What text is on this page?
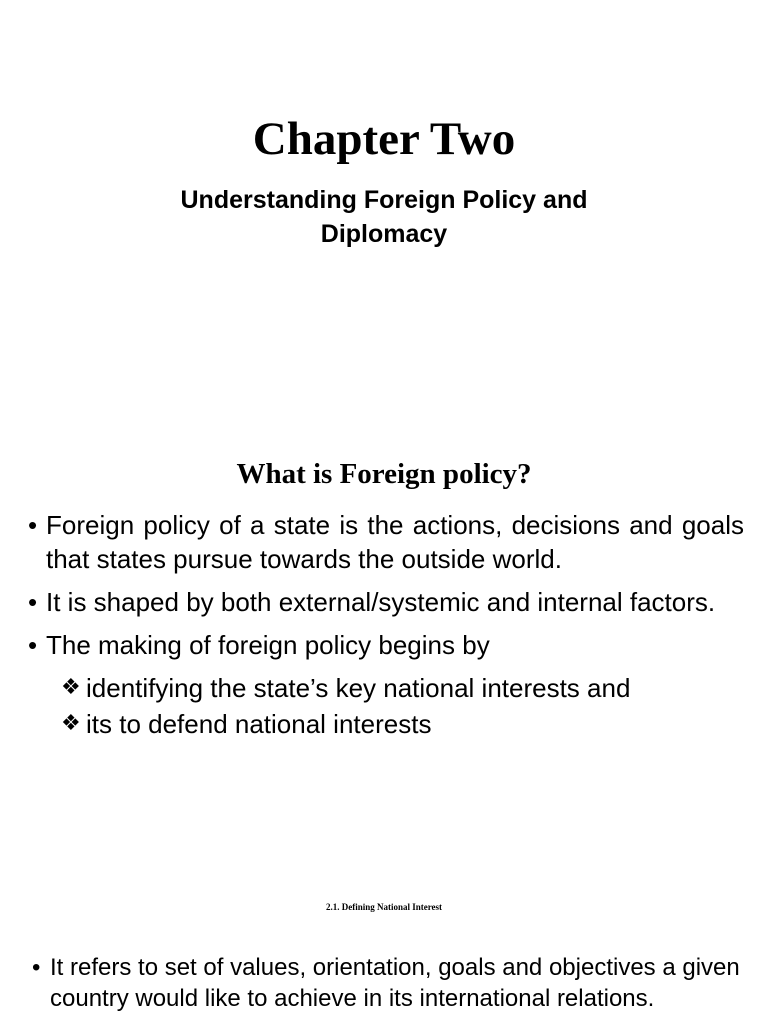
Chapter Two
Understanding Foreign Policy and
Diplomacy
What is Foreign policy?
• Foreign policy of a state is the actions, decisions and goals that states pursue towards the outside world.
• It is shaped by both external/systemic and internal factors.
• The making of foreign policy begins by
❖ identifying the state’s key national interests and
❖ its to defend national interests
2.1. Defining National Interest
• It refers to set of values, orientation, goals and objectives a given country would like to achieve in its international relations.
